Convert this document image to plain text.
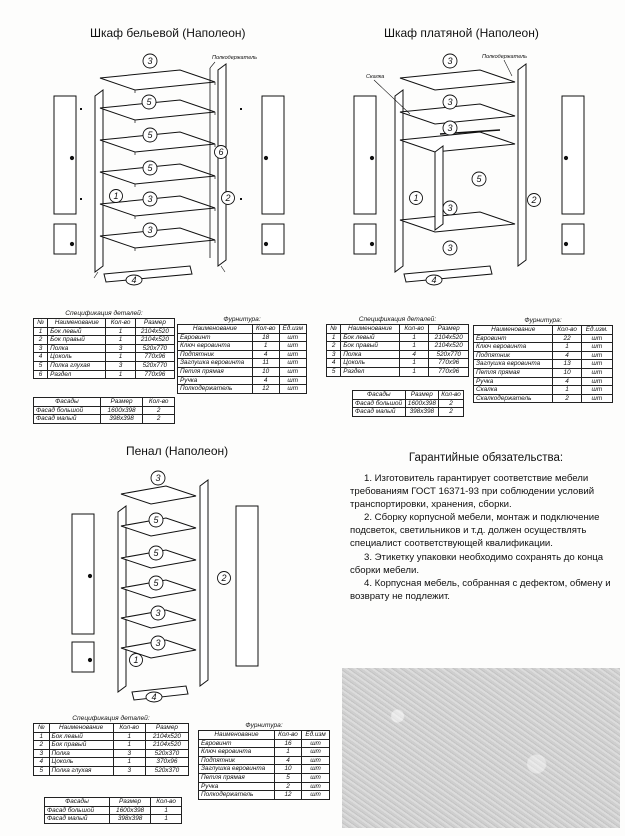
Шкаф бельевой (Наполеон)	Шкаф платяной (Наполеон)
Пенал (Наполеон)
3
5
5
5
3
3
1	2
6
4
Полкодержатель	3
3
3
5
3
3
1	2
4
Скалка
Полкодержатель
3
5
5
5
3
3
1
2
4
Спецификация деталей:
№	Наименование	Кол-во	Размер
1	Бок левый	1	2104x520
2	Бок правый	1	2104x520
3	Полка	3	520x770
4	Цоколь	1	770x96
5	Полка глухая	3	520x770
6	Раздел	1	770x96
Фурнитура:
Наименование	Кол-во	Ед.изм
Евровинт	18	шт
Ключ евровинта	1	шт
Подпятник	4	шт
Заглушка евровинта	11	шт
Петля прямая	10	шт
Ручка	4	шт
Полкодержатель	12	шт
Фасады	Размер	Кол-во
Фасад большой	1600x398	2
Фасад малый	398x398	2
Спецификация деталей:
№	Наименование	Кол-во	Размер
1	Бок левый	1	2104x520
2	Бок правый	1	2104x520
3	Полка	4	520x770
4	Цоколь	1	770x96
5	Раздел	1	770x96
Фурнитура:
Наименование	Кол-во	Ед.изм.
Евровинт	22	шт
Ключ евровинта	1	шт
Подпятник	4	шт
Заглушка евровинта	13	шт
Петля прямая	10	шт
Ручка	4	шт
Скалка	1	шт
Скалкодержатель	2	шт
Фасады	Размер	Кол-во
Фасад большой	1600x398	2
Фасад малый	398x398	2
Спецификация деталей:
№	Наименование	Кол-во	Размер
1	Бок левый	1	2104x520
2	Бок правый	1	2104x520
3	Полка	3	520x370
4	Цоколь	1	370x96
5	Полка глухая	3	520x370
Фурнитура:
Наименование	Кол-во	Ед.изм
Евровинт	16	шт
Ключ евровинта	1	шт
Подпятник	4	шт
Заглушка евровинта	10	шт
Петля прямая	5	шт
Ручка	2	шт
Полкодержатель	12	шт
Фасады	Размер	Кол-во
Фасад большой	1600x398	1
Фасад малый	398x398	1
Гарантийные обязательства:

1. Изготовитель гарантирует соответствие мебели требованиям ГОСТ 16371-93 при соблюдении условий транспортировки, хранения, сборки.

2. Сборку корпусной мебели, монтаж и подключение подсветок, светильников и т.д. должен осуществлять специалист соответствующей квалификации.

3. Этикетку упаковки необходимо сохранять до конца сборки мебели.

4. Корпусная мебель, собранная с дефектом, обмену и возврату не подлежит.
